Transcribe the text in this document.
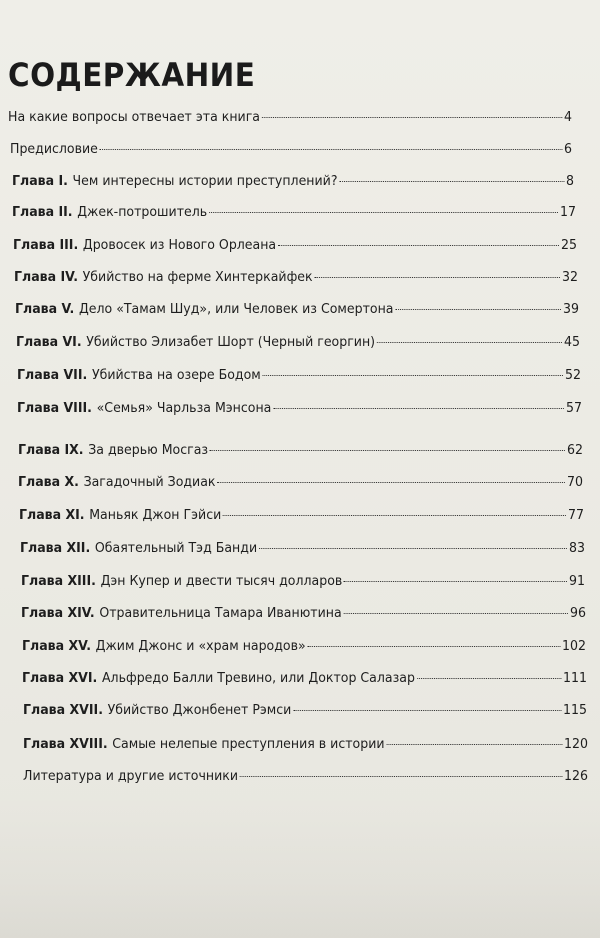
СОДЕРЖАНИЕ
На какие вопросы отвечает эта книга	4
Предисловие	6
Глава I. Чем интересны истории преступлений?	8
Глава II. Джек-потрошитель	17
Глава III. Дровосек из Нового Орлеана	25
Глава IV. Убийство на ферме Хинтеркайфек	32
Глава V. Дело «Тамам Шуд», или Человек из Сомертона	39
Глава VI. Убийство Элизабет Шорт (Черный георгин)	45
Глава VII. Убийства на озере Бодом	52
Глава VIII. «Семья» Чарльза Мэнсона	57
Глава IX. За дверью Мосгаз	62
Глава X. Загадочный Зодиак	70
Глава XI. Маньяк Джон Гэйси	77
Глава XII. Обаятельный Тэд Банди	83
Глава XIII. Дэн Купер и двести тысяч долларов	91
Глава XIV. Отравительница Тамара Иванютина	96
Глава XV. Джим Джонс и «храм народов»	102
Глава XVI. Альфредо Балли Тревино, или Доктор Салазар	111
Глава XVII. Убийство Джонбенет Рэмси	115
Глава XVIII. Самые нелепые преступления в истории	120
Литература и другие источники	126
